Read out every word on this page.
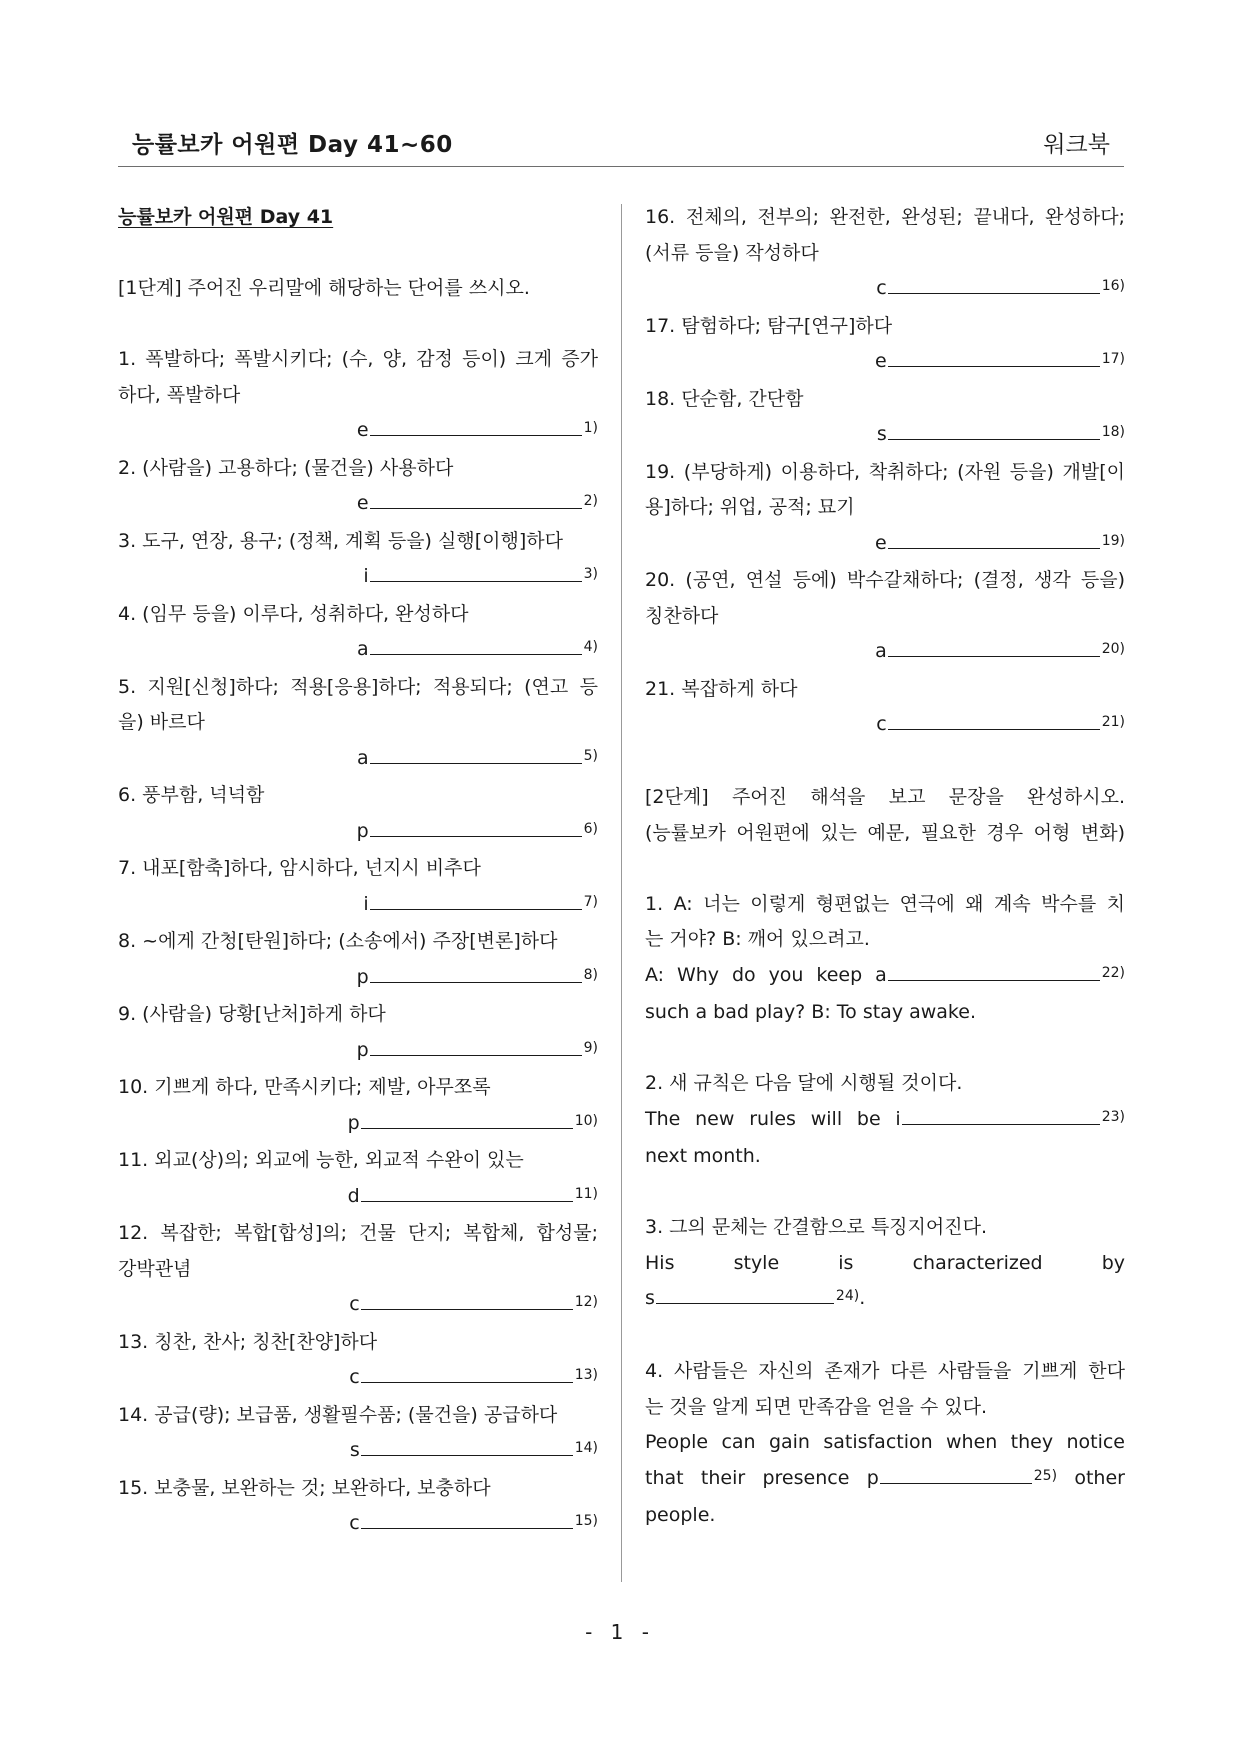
능률보카 어원편 Day 41~60	워크북
능률보카 어원편 Day 41
[1단계] 주어진 우리말에 해당하는 단어를 쓰시오.
1. 폭발하다; 폭발시키다; (수, 양, 감정 등이) 크게 증가
하다, 폭발하다
e	$^{1)}$
2. (사람을) 고용하다; (물건을) 사용하다
e	$^{2)}$
3. 도구, 연장, 용구; (정책, 계획 등을) 실행[이행]하다
i	$^{3)}$
4. (임무 등을) 이루다, 성취하다, 완성하다
a	$^{4)}$
5. 지원[신청]하다; 적용[응용]하다; 적용되다; (연고 등
을) 바르다
a	$^{5)}$
6. 풍부함, 넉넉함
p	$^{6)}$
7. 내포[함축]하다, 암시하다, 넌지시 비추다
i	$^{7)}$
8. ~에게 간청[탄원]하다; (소송에서) 주장[변론]하다
p	$^{8)}$
9. (사람을) 당황[난처]하게 하다
p	$^{9)}$
10. 기쁘게 하다, 만족시키다; 제발, 아무쪼록
p	$^{10)}$
11. 외교(상)의; 외교에 능한, 외교적 수완이 있는
d	$^{11)}$
12. 복잡한; 복합[합성]의; 건물 단지; 복합체, 합성물;
강박관념
c	$^{12)}$
13. 칭찬, 찬사; 칭찬[찬양]하다
c	$^{13)}$
14. 공급(량); 보급품, 생활필수품; (물건을) 공급하다
s	$^{14)}$
15. 보충물, 보완하는 것; 보완하다, 보충하다
c	$^{15)}$
16. 전체의, 전부의; 완전한, 완성된; 끝내다, 완성하다;
(서류 등을) 작성하다
c	$^{16)}$
17. 탐험하다; 탐구[연구]하다
e	$^{17)}$
18. 단순함, 간단함
s	$^{18)}$
19. (부당하게) 이용하다, 착취하다; (자원 등을) 개발[이
용]하다; 위업, 공적; 묘기
e	$^{19)}$
20. (공연, 연설 등에) 박수갈채하다; (결정, 생각 등을)
칭찬하다
a	$^{20)}$
21. 복잡하게 하다
c	$^{21)}$
[2단계] 주어진 해석을 보고 문장을 완성하시오.
(능률보카 어원편에 있는 예문, 필요한 경우 어형 변화)
1. A: 너는 이렇게 형편없는 연극에 왜 계속 박수를 치
는 거야? B: 깨어 있으려고.
A: Why do you keep a	$^{22)}$
such a bad play? B: To stay awake.
2. 새 규칙은 다음 달에 시행될 것이다.
The new rules will be i	$^{23)}$
next month.
3. 그의 문체는 간결함으로 특징지어진다.
His style is characterized by
s	$^{24)}$.
4. 사람들은 자신의 존재가 다른 사람들을 기쁘게 한다
는 것을 알게 되면 만족감을 얻을 수 있다.
People can gain satisfaction when they notice
that their presence p	$^{25)}$ other
people.
- 1 -
